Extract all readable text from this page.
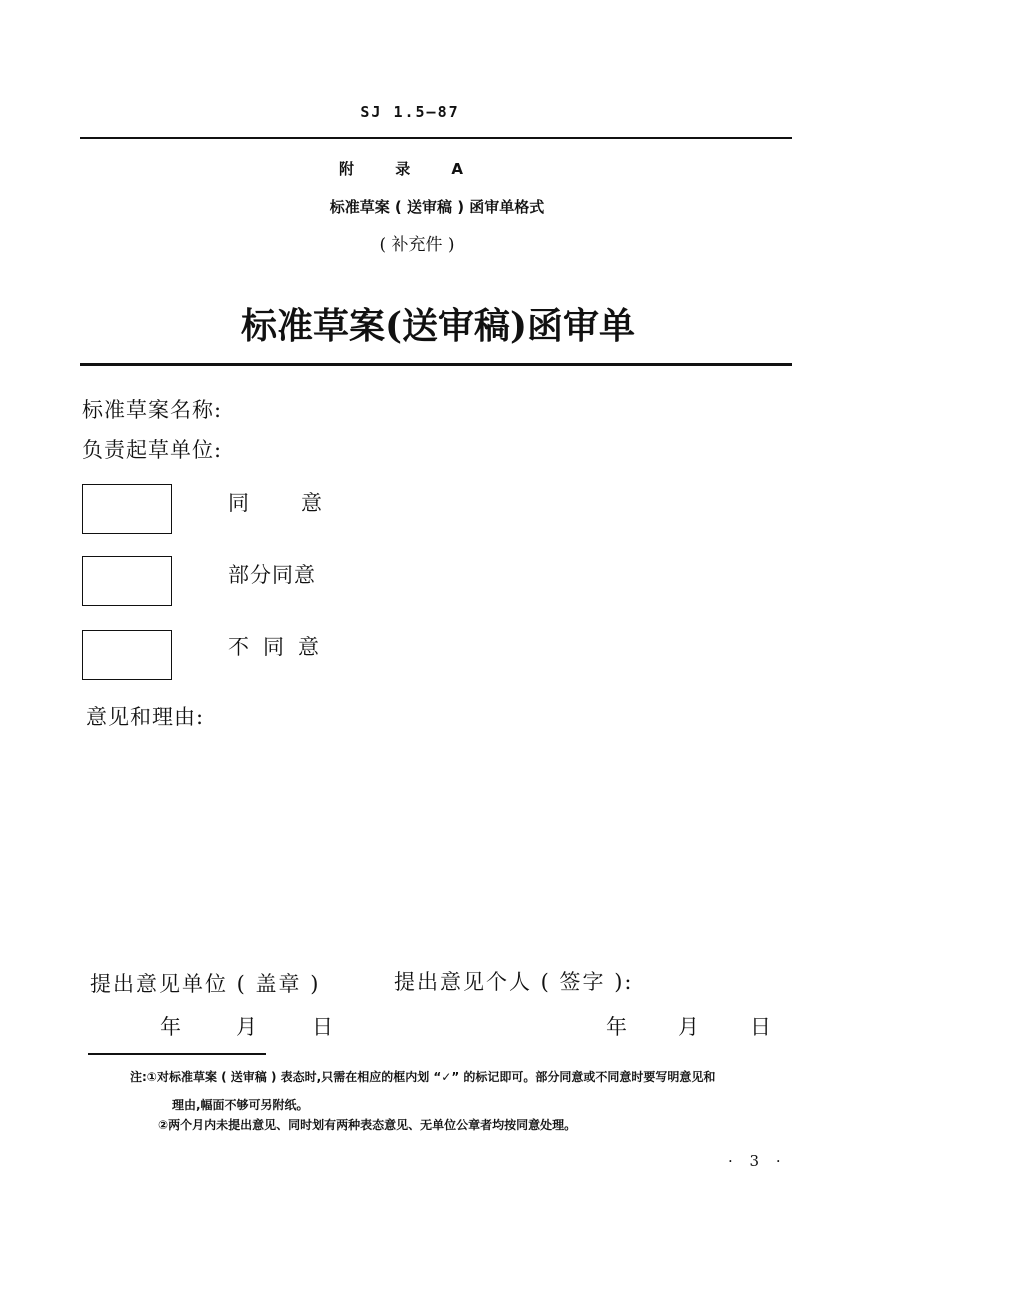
SJ 1.5—87
附 录 A
标准草案 ( 送审稿 ) 函审单格式
( 补充件 )
标准草案(送审稿)函审单
标准草案名称:
负责起草单位:
同意
部分同意
不同意
意见和理由:
提出意见单位 ( 盖章 )	提出意见个人 ( 签字 ):
年	月	日	年	月	日
注:①对标准草案 ( 送审稿 ) 表态时,只需在相应的框内划 “✓” 的标记即可。部分同意或不同意时要写明意见和
理由,幅面不够可另附纸。
②两个月内未提出意见、同时划有两种表态意见、无单位公章者均按同意处理。
· 3 ·
